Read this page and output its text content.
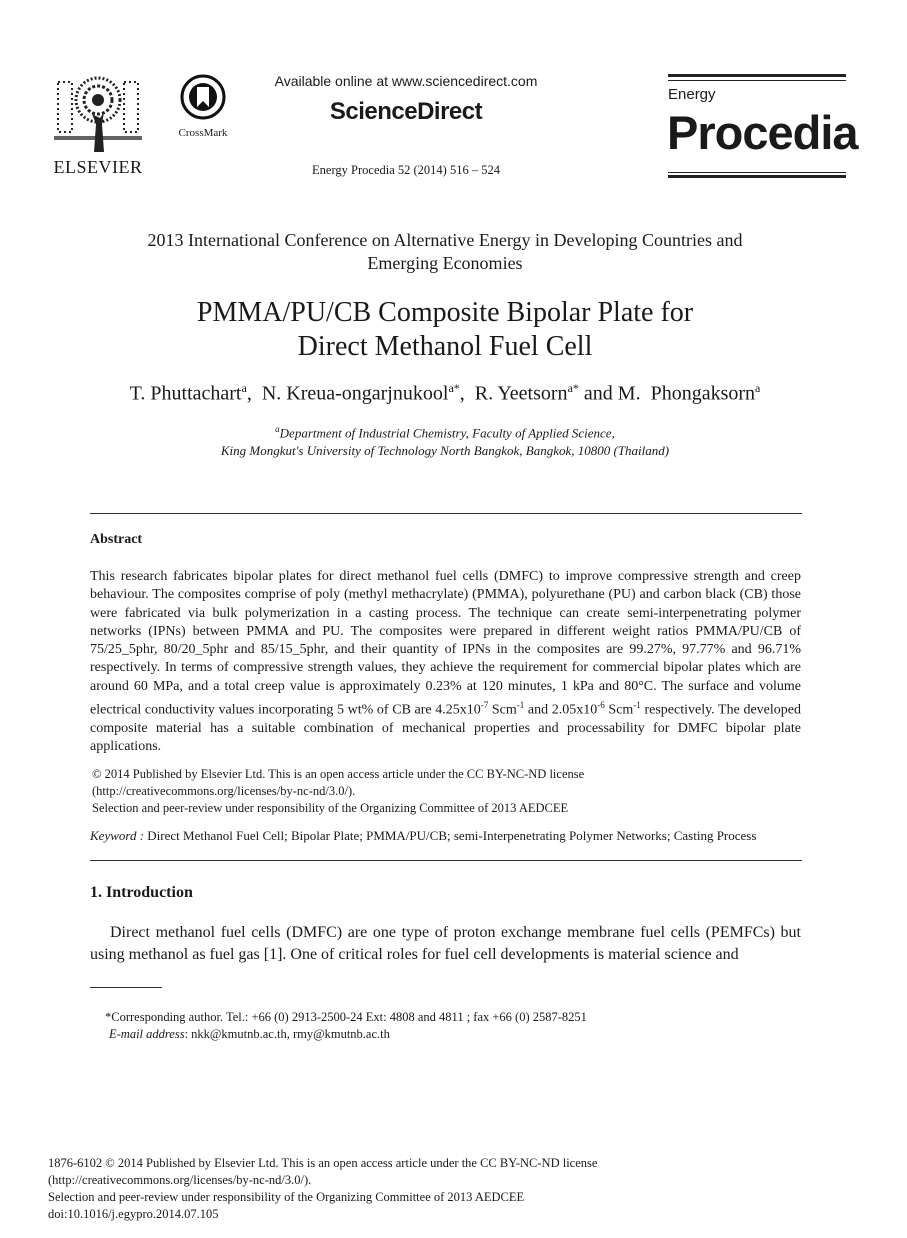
ELSEVIER
CrossMark
Available online at www.sciencedirect.com
ScienceDirect
Energy Procedia 52 (2014) 516 – 524
Energy
Procedia
2013 International Conference on Alternative Energy in Developing Countries and
Emerging Economies
PMMA/PU/CB Composite Bipolar Plate for
Direct Methanol Fuel Cell
T. Phuttachart$^a$,  N. Kreua-ongarjnukool$^{a*}$,  R. Yeetsorn$^{a*}$ and M.  Phongaksorn$^a$
$^a$Department of Industrial Chemistry, Faculty of Applied Science,
King Mongkut's University of Technology North Bangkok, Bangkok, 10800 (Thailand)
Abstract
This research fabricates bipolar plates for direct methanol fuel cells (DMFC) to improve compressive strength and creep behaviour. The composites comprise of poly (methyl methacrylate) (PMMA), polyurethane (PU) and carbon black (CB) those were fabricated via bulk polymerization in a casting process. The technique can create semi-interpenetrating polymer networks (IPNs) between PMMA and PU. The composites were prepared in different weight ratios PMMA/PU/CB of 75/25_5phr, 80/20_5phr and 85/15_5phr, and their quantity of IPNs in the composites are 99.27%, 97.77% and 96.71% respectively. In terms of compressive strength values, they achieve the requirement for commercial bipolar plates which are around 60 MPa, and a total creep value is approximately 0.23% at 120 minutes, 1 kPa and 80°C. The surface and volume electrical conductivity values incorporating 5 wt% of CB are $4.25x10^{-7}$ Scm$^{-1}$ and $2.05x10^{-6}$ Scm$^{-1}$ respectively. The developed composite material has a suitable combination of mechanical properties and processability for DMFC bipolar plate applications.
© 2014 Published by Elsevier Ltd. This is an open access article under the CC BY-NC-ND license
(http://creativecommons.org/licenses/by-nc-nd/3.0/).
Selection and peer-review under responsibility of the Organizing Committee of 2013 AEDCEE
Keyword : Direct Methanol Fuel Cell; Bipolar Plate; PMMA/PU/CB; semi-Interpenetrating Polymer Networks; Casting Process
1. Introduction
Direct methanol fuel cells (DMFC) are one type of proton exchange membrane fuel cells (PEMFCs) but using methanol as fuel gas [1]. One of critical roles for fuel cell developments is material science and
*Corresponding author. Tel.: +66 (0) 2913-2500-24 Ext: 4808 and 4811 ; fax +66 (0) 2587-8251
E-mail address: nkk@kmutnb.ac.th, rmy@kmutnb.ac.th
1876-6102 © 2014 Published by Elsevier Ltd. This is an open access article under the CC BY-NC-ND license
(http://creativecommons.org/licenses/by-nc-nd/3.0/).
Selection and peer-review under responsibility of the Organizing Committee of 2013 AEDCEE
doi:10.1016/j.egypro.2014.07.105
